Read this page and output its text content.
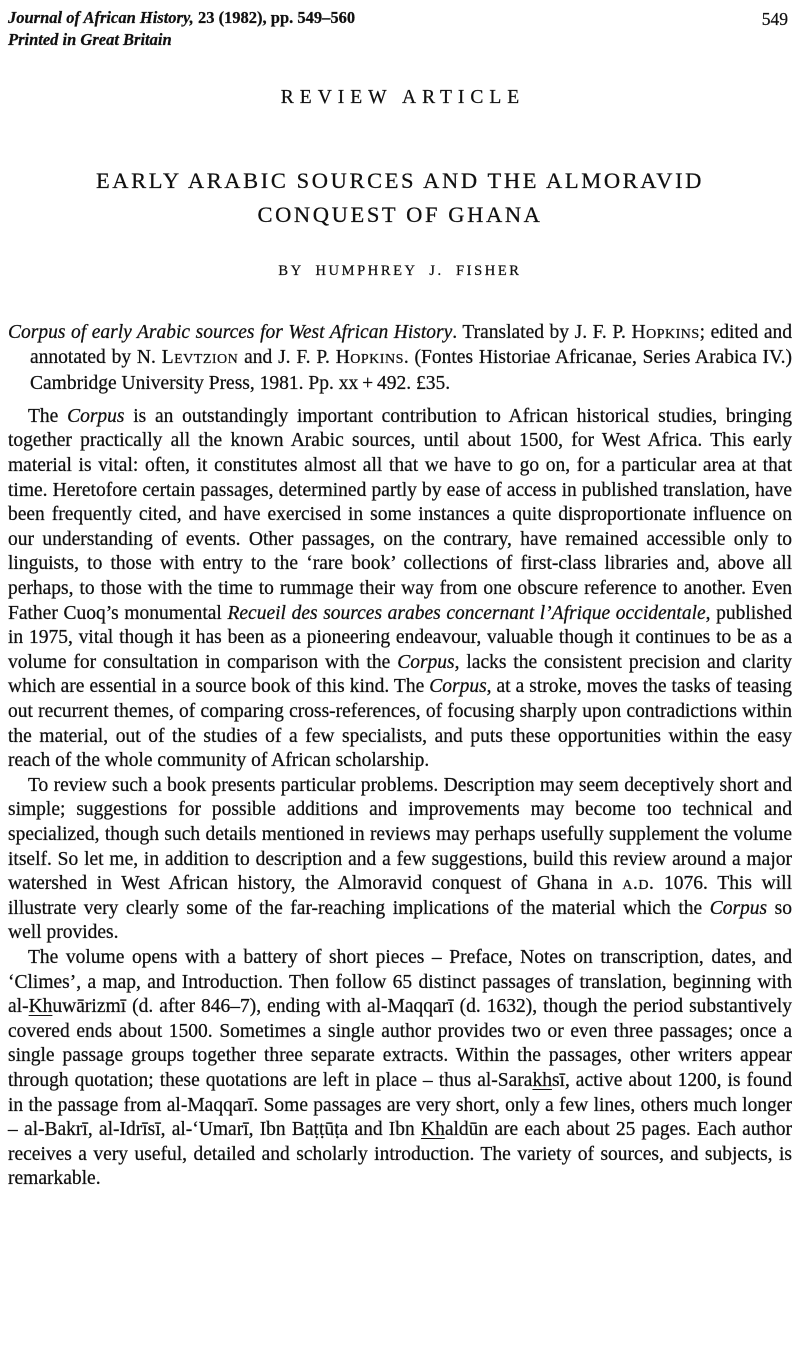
Journal of African History, 23 (1982), pp. 549–560
Printed in Great Britain
549
REVIEW ARTICLE
EARLY ARABIC SOURCES AND THE ALMORAVID
CONQUEST OF GHANA
BY HUMPHREY J. FISHER
Corpus of early Arabic sources for West African History. Translated by J. F. P. Hopkins; edited and annotated by N. Levtzion and J. F. P. Hopkins. (Fontes Historiae Africanae, Series Arabica IV.) Cambridge University Press, 1981. Pp. xx + 492. £35.

The Corpus is an outstandingly important contribution to African historical studies, bringing together practically all the known Arabic sources, until about 1500, for West Africa. This early material is vital: often, it constitutes almost all that we have to go on, for a particular area at that time. Heretofore certain passages, determined partly by ease of access in published translation, have been frequently cited, and have exercised in some instances a quite disproportionate influence on our understanding of events. Other passages, on the contrary, have remained accessible only to linguists, to those with entry to the ‘rare book’ collections of first-class libraries and, above all perhaps, to those with the time to rummage their way from one obscure reference to another. Even Father Cuoq’s monumental Recueil des sources arabes concernant l’Afrique occidentale, published in 1975, vital though it has been as a pioneering endeavour, valuable though it continues to be as a volume for consultation in comparison with the Corpus, lacks the consistent precision and clarity which are essential in a source book of this kind. The Corpus, at a stroke, moves the tasks of teasing out recurrent themes, of comparing cross-references, of focusing sharply upon contradictions within the material, out of the studies of a few specialists, and puts these opportunities within the easy reach of the whole community of African scholarship.

To review such a book presents particular problems. Description may seem deceptively short and simple; suggestions for possible additions and improvements may become too technical and specialized, though such details mentioned in reviews may perhaps usefully supplement the volume itself. So let me, in addition to description and a few suggestions, build this review around a major watershed in West African history, the Almoravid conquest of Ghana in a.d. 1076. This will illustrate very clearly some of the far-reaching implications of the material which the Corpus so well provides.

The volume opens with a battery of short pieces – Preface, Notes on transcription, dates, and ‘Climes’, a map, and Introduction. Then follow 65 distinct passages of translation, beginning with al-Khuwārizmī (d. after 846–7), ending with al-Maqqarī (d. 1632), though the period substantively covered ends about 1500. Sometimes a single author provides two or even three passages; once a single passage groups together three separate extracts. Within the passages, other writers appear through quotation; these quotations are left in place – thus al-Sarakhsī, active about 1200, is found in the passage from al-Maqqarī. Some passages are very short, only a few lines, others much longer – al-Bakrī, al-Idrīsī, al-‘Umarī, Ibn Baṭṭūṭa and Ibn Khaldūn are each about 25 pages. Each author receives a very useful, detailed and scholarly introduction. The variety of sources, and subjects, is remarkable.
